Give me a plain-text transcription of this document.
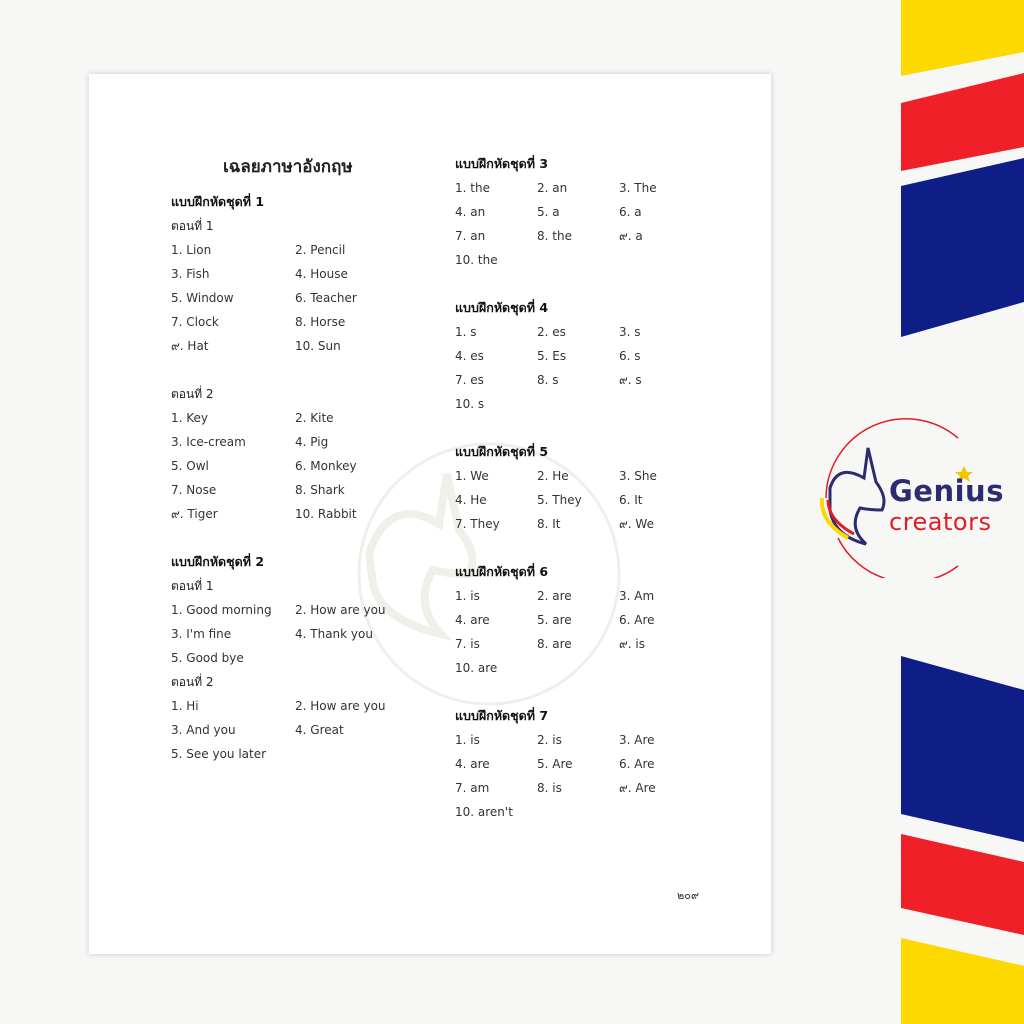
Genius
creators
เฉลยภาษาอังกฤษ
แบบฝึกหัดชุดที่ 1
ตอนที่ 1
1. Lion	2. Pencil
3. Fish	4. House
5. Window	6. Teacher
7. Clock	8. Horse
๙. Hat	10. Sun
ตอนที่ 2
1. Key	2. Kite
3. Ice-cream	4. Pig
5. Owl	6. Monkey
7. Nose	8. Shark
๙. Tiger	10. Rabbit
แบบฝึกหัดชุดที่ 2
ตอนที่ 1
1. Good morning	2. How are you
3. I'm fine	4. Thank you
5. Good bye
ตอนที่ 2
1. Hi	2. How are you
3. And you	4. Great
5. See you later
แบบฝึกหัดชุดที่ 3
1. the	2. an	3. The
4. an	5. a	6. a
7. an	8. the	๙. a
10. the
แบบฝึกหัดชุดที่ 4
1. s	2. es	3. s
4. es	5. Es	6. s
7. es	8. s	๙. s
10. s
แบบฝึกหัดชุดที่ 5
1. We	2. He	3. She
4. He	5. They	6. It
7. They	8. It	๙. We
แบบฝึกหัดชุดที่ 6
1. is	2. are	3. Am
4. are	5. are	6. Are
7. is	8. are	๙. is
10. are
แบบฝึกหัดชุดที่ 7
1. is	2. is	3. Are
4. are	5. Are	6. Are
7. am	8. is	๙. Are
10. aren't
๒๐๙
